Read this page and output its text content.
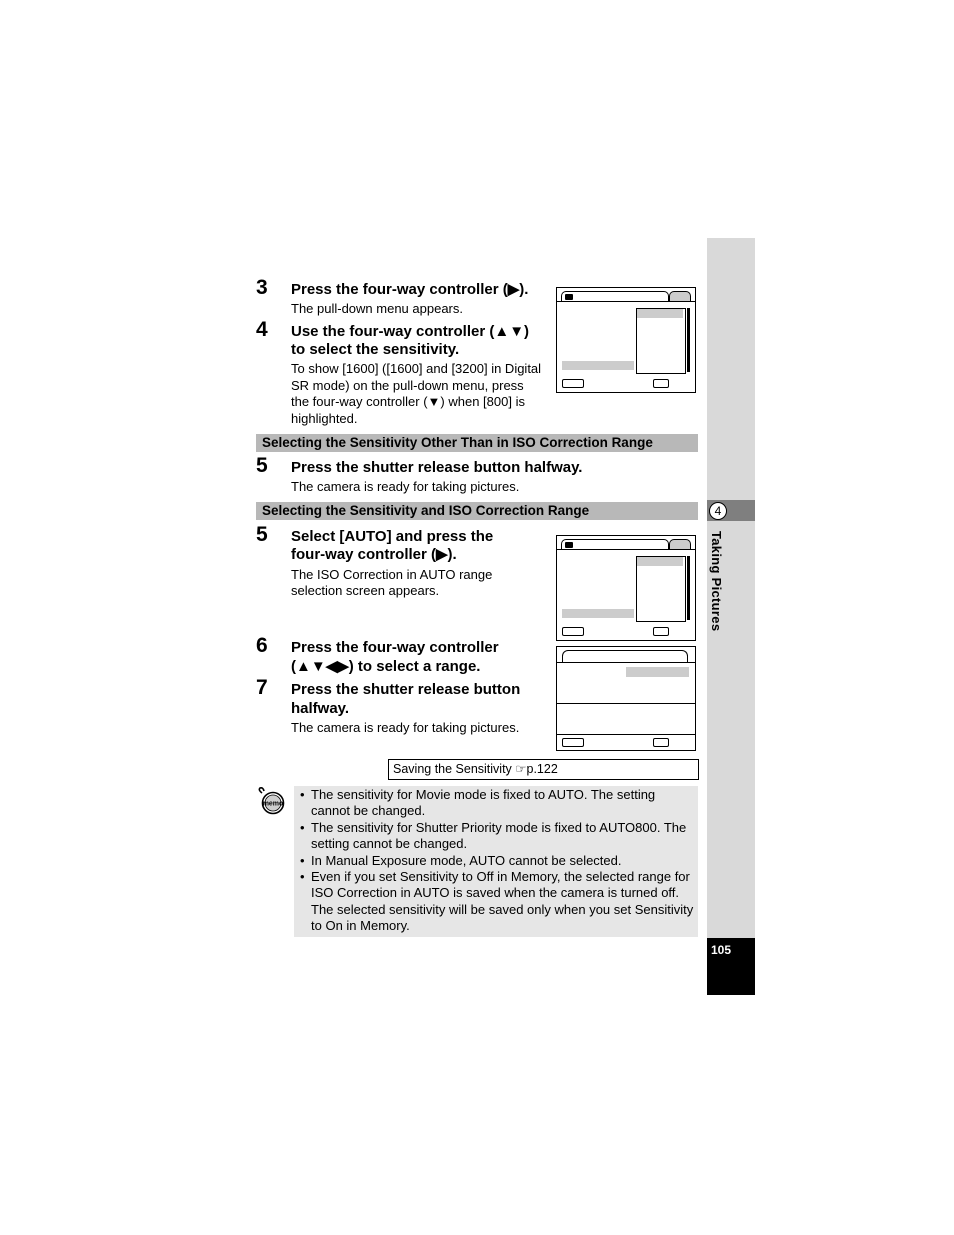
3 Press the four-way controller (▶).
The pull-down menu appears.
4 Use the four-way controller (▲▼)
to select the sensitivity.
To show [1600] ([1600] and [3200] in Digital
SR mode) on the pull-down menu, press
the four-way controller (▼) when [800] is
highlighted.
Selecting the Sensitivity Other Than in ISO Correction Range
5 Press the shutter release button halfway.
The camera is ready for taking pictures.
Selecting the Sensitivity and ISO Correction Range
5 Select [AUTO] and press the
four-way controller (▶).
The ISO Correction in AUTO range
selection screen appears.
6 Press the four-way controller
(▲▼◀▶) to select a range.
7 Press the shutter release button
halfway.
The camera is ready for taking pictures.
Saving the Sensitivity ☞p.122
memo
• The sensitivity for Movie mode is fixed to AUTO. The setting
cannot be changed.
• The sensitivity for Shutter Priority mode is fixed to AUTO800. The
setting cannot be changed.
• In Manual Exposure mode, AUTO cannot be selected.
• Even if you set Sensitivity to Off in Memory, the selected range for
ISO Correction in AUTO is saved when the camera is turned off.
The selected sensitivity will be saved only when you set Sensitivity
to On in Memory.
4
Taking Pictures
105
